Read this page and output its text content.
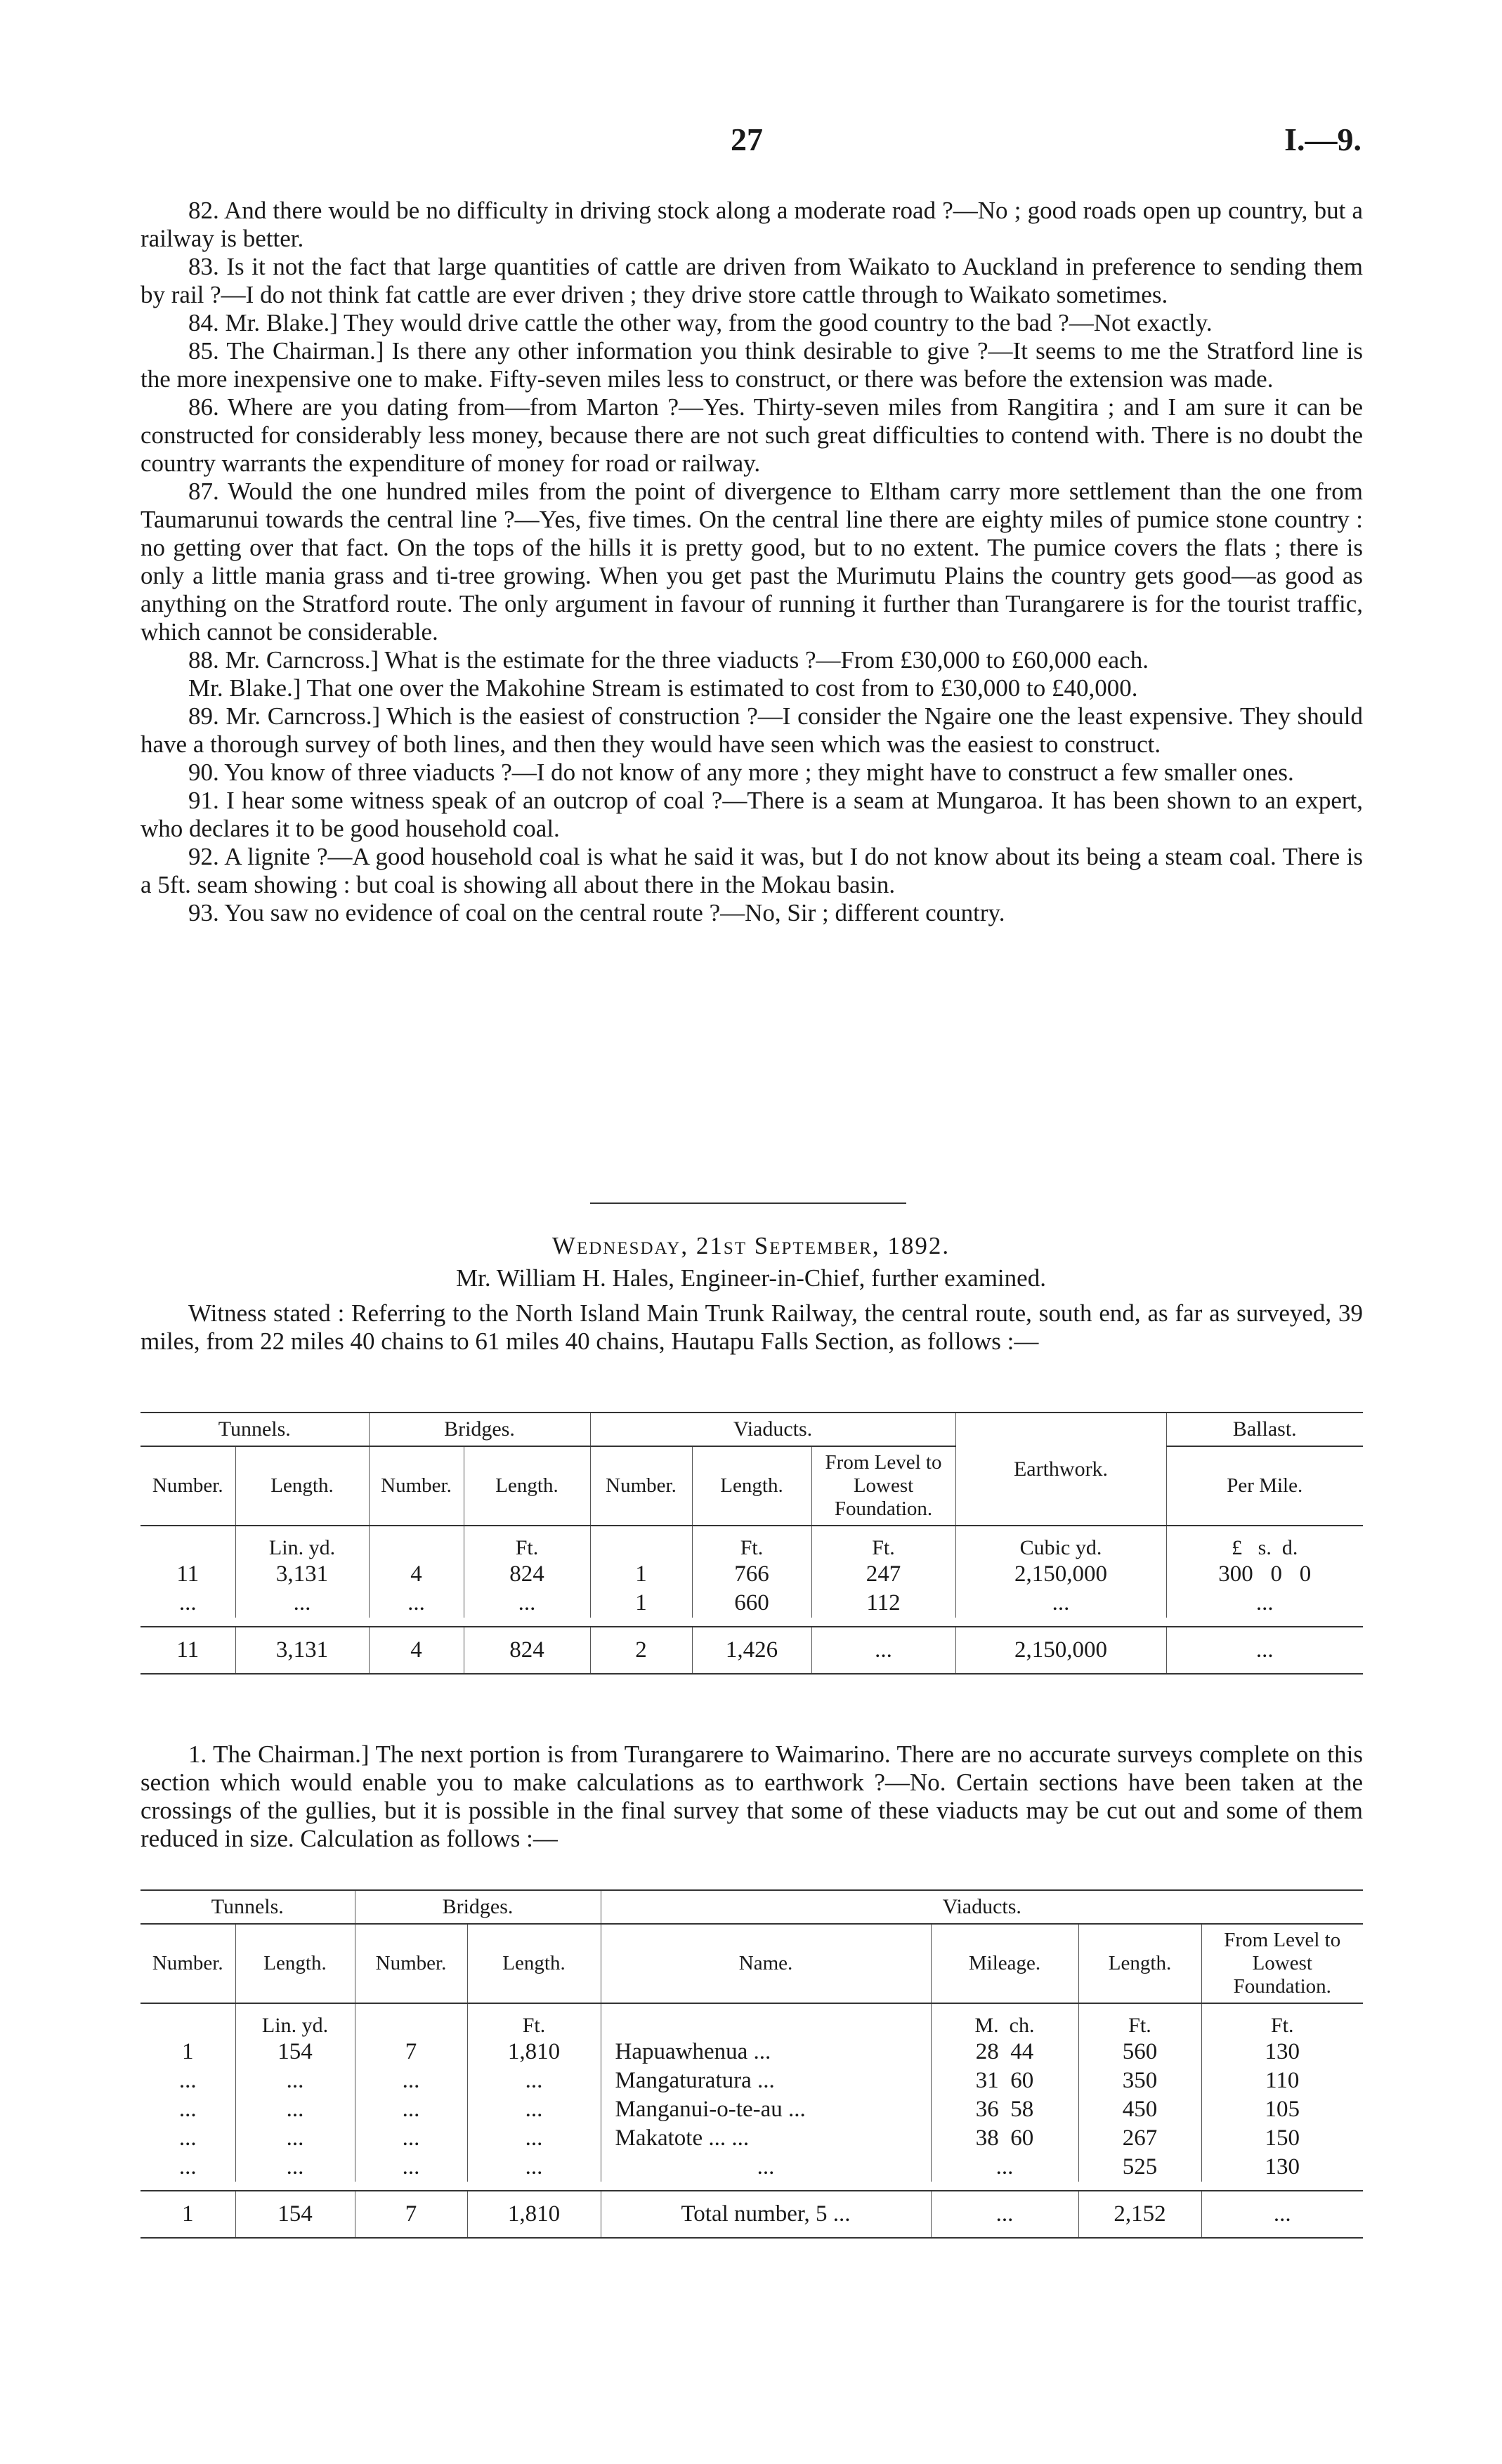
27	I.—9.

82. And there would be no difficulty in driving stock along a moderate road ?—No ; good roads open up country, but a railway is better.

83. Is it not the fact that large quantities of cattle are driven from Waikato to Auckland in preference to sending them by rail ?—I do not think fat cattle are ever driven ; they drive store cattle through to Waikato sometimes.

84. Mr. Blake.] They would drive cattle the other way, from the good country to the bad ?—Not exactly.

85. The Chairman.] Is there any other information you think desirable to give ?—It seems to me the Stratford line is the more inexpensive one to make. Fifty-seven miles less to construct, or there was before the extension was made.

86. Where are you dating from—from Marton ?—Yes. Thirty-seven miles from Rangitira ; and I am sure it can be constructed for considerably less money, because there are not such great difficulties to contend with. There is no doubt the country warrants the expenditure of money for road or railway.

87. Would the one hundred miles from the point of divergence to Eltham carry more settlement than the one from Taumarunui towards the central line ?—Yes, five times. On the central line there are eighty miles of pumice stone country : no getting over that fact. On the tops of the hills it is pretty good, but to no extent. The pumice covers the flats ; there is only a little mania grass and ti-tree growing. When you get past the Murimutu Plains the country gets good—as good as anything on the Stratford route. The only argument in favour of running it further than Turangarere is for the tourist traffic, which cannot be considerable.

88. Mr. Carncross.] What is the estimate for the three viaducts ?—From £30,000 to £60,000 each.

Mr. Blake.] That one over the Makohine Stream is estimated to cost from to £30,000 to £40,000.

89. Mr. Carncross.] Which is the easiest of construction ?—I consider the Ngaire one the least expensive. They should have a thorough survey of both lines, and then they would have seen which was the easiest to construct.

90. You know of three viaducts ?—I do not know of any more ; they might have to construct a few smaller ones.

91. I hear some witness speak of an outcrop of coal ?—There is a seam at Mungaroa. It has been shown to an expert, who declares it to be good household coal.

92. A lignite ?—A good household coal is what he said it was, but I do not know about its being a steam coal. There is a 5ft. seam showing : but coal is showing all about there in the Mokau basin.

93. You saw no evidence of coal on the central route ?—No, Sir ; different country.

Wednesday, 21st September, 1892.
Mr. William H. Hales, Engineer-in-Chief, further examined.

Witness stated : Referring to the North Island Main Trunk Railway, the central route, south end, as far as surveyed, 39 miles, from 22 miles 40 chains to 61 miles 40 chains, Hautapu Falls Section, as follows :—

Tunnels.		Bridges.		Viaducts.			Earthwork.	Ballast.
Number.	Length.	Number.	Length.	Number.	Length.	From Level to Lowest Foundation.		Per Mile.
	Lin. yd.		Ft.		Ft.	Ft.	Cubic yd.	£   s.  d.
11	3,131	4	824	1	766	247	2,150,000	300   0   0
...	...	...	...	1	660	112	...	...

11	3,131	4	824	2	1,426	...	2,150,000	...

1. The Chairman.] The next portion is from Turangarere to Waimarino. There are no accurate surveys complete on this section which would enable you to make calculations as to earthwork ?—No. Certain sections have been taken at the crossings of the gullies, but it is possible in the final survey that some of these viaducts may be cut out and some of them reduced in size. Calculation as follows :—

Tunnels.		Bridges.		Viaducts.			
Number.	Length.	Number.	Length.	Name.	Mileage.	Length.	From Level to Lowest Foundation.
	Lin. yd.		Ft.		M.  ch.	Ft.	Ft.
1	154	7	1,810	Hapuawhenua ...	28  44	560	130
...	...	...	...	Mangaturatura ...	31  60	350	110
...	...	...	...	Manganui-o-te-au ...	36  58	450	105
...	...	...	...	Makatote ... ...	38  60	267	150
...	...	...	...	...	...	525	130

1	154	7	1,810	Total number, 5 ...	...	2,152	...
